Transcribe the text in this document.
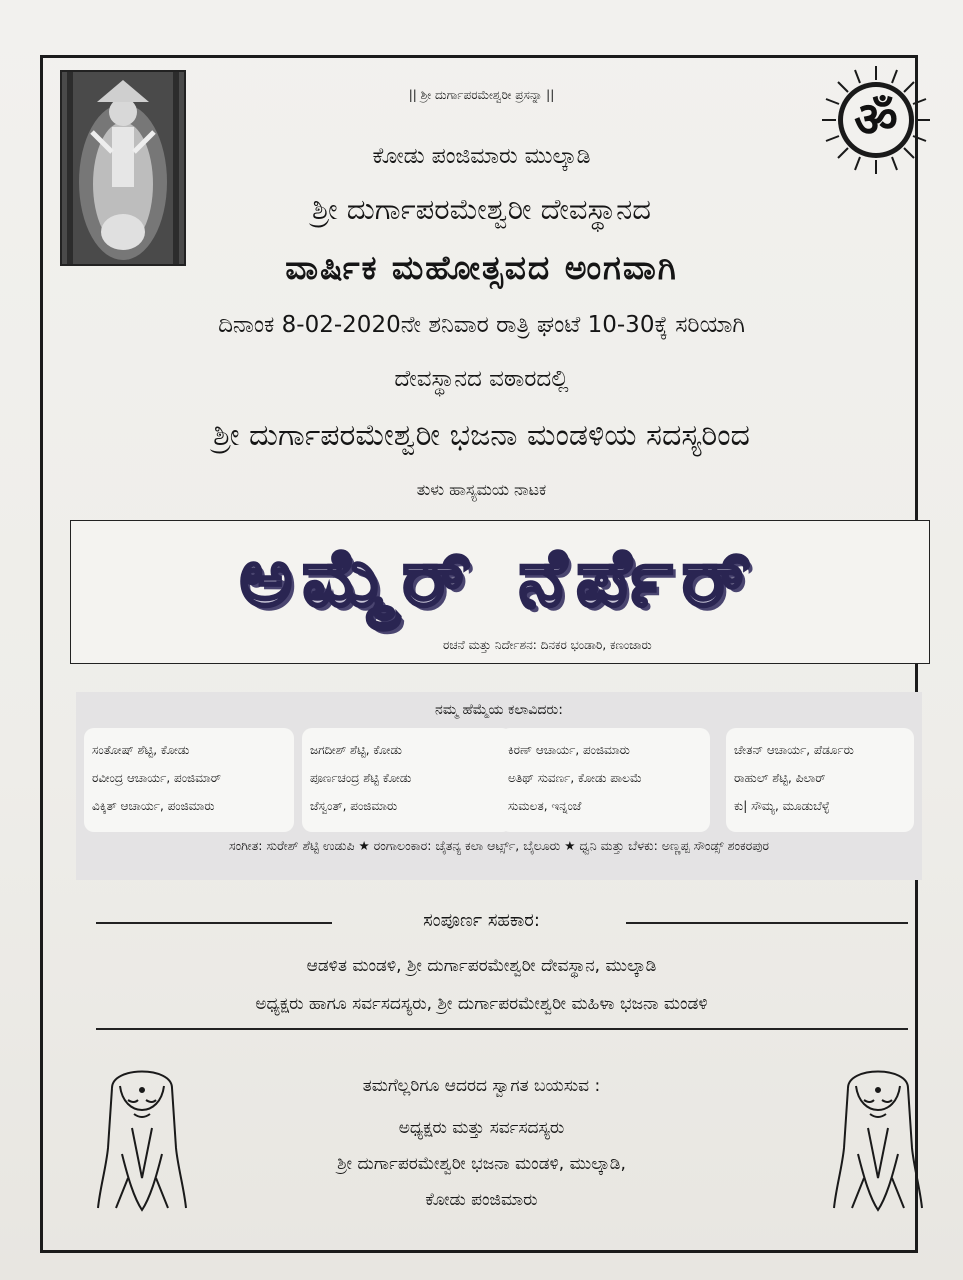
ॐ
|| ಶ್ರೀ ದುರ್ಗಾಪರಮೇಶ್ವರೀ ಪ್ರಸನ್ನಾ ||
ಕೋಡು ಪಂಜಿಮಾರು ಮುಲ್ಕಾಡಿ
ಶ್ರೀ ದುರ್ಗಾಪರಮೇಶ್ವರೀ ದೇವಸ್ಥಾನದ
ವಾರ್ಷಿಕ ಮಹೋತ್ಸವದ ಅಂಗವಾಗಿ
ದಿನಾಂಕ 8-02-2020ನೇ ಶನಿವಾರ ರಾತ್ರಿ ಘಂಟೆ 10-30ಕ್ಕೆ ಸರಿಯಾಗಿ
ದೇವಸ್ಥಾನದ ವಠಾರದಲ್ಲಿ
ಶ್ರೀ ದುರ್ಗಾಪರಮೇಶ್ವರೀ ಭಜನಾ ಮಂಡಳಿಯ ಸದಸ್ಯರಿಂದ
ತುಳು ಹಾಸ್ಯಮಯ ನಾಟಕ
ಅಮ್ಮೆರ್ ನೆರ್ಪೆರ್
ರಚನೆ ಮತ್ತು ನಿರ್ದೇಶನ: ದಿನಕರ ಭಂಡಾರಿ, ಕಣಂಜಾರು
ನಮ್ಮ ಹೆಮ್ಮೆಯ ಕಲಾವಿದರು:
ಸಂತೋಷ್ ಶೆಟ್ಟಿ, ಕೋಡು
ರವೀಂದ್ರ ಆಚಾರ್ಯ, ಪಂಜಿಮಾರ್
ವಿಕ್ಕಿತ್ ಆಚಾರ್ಯ, ಪಂಜಿಮಾರು
ಜಗದೀಶ್ ಶೆಟ್ಟಿ, ಕೋಡು
ಪೂರ್ಣಚಂದ್ರ ಶೆಟ್ಟಿ ಕೋಡು
ಜೆಸ್ವಂತ್, ಪಂಜಿಮಾರು
ಕಿರಣ್ ಆಚಾರ್ಯ, ಪಂಜಿಮಾರು
ಅತಿಥ್ ಸುವರ್ಣ, ಕೋಡು ಪಾಲಮೆ
ಸುಮಲತ, ಇನ್ನಂಜೆ
ಚೇತನ್ ಆಚಾರ್ಯ, ಪೆರ್ಡೂರು
ರಾಹುಲ್ ಶೆಟ್ಟಿ, ಪಿಲಾರ್
ಕು| ಸೌಮ್ಯ, ಮೂಡುಬೆಳ್ಳೆ
ಸಂಗೀತ: ಸುರೇಶ್ ಶೆಟ್ಟಿ ಉಡುಪಿ ★ ರಂಗಾಲಂಕಾರ: ಚೈತನ್ಯ ಕಲಾ ಆರ್ಟ್ಸ್, ಬೈಲೂರು ★ ಧ್ವನಿ ಮತ್ತು ಬೆಳಕು: ಅಣ್ಣಪ್ಪ ಸೌಂಡ್ಸ್ ಶಂಕರಪುರ
ಸಂಪೂರ್ಣ ಸಹಕಾರ:
ಆಡಳಿತ ಮಂಡಳಿ, ಶ್ರೀ ದುರ್ಗಾಪರಮೇಶ್ವರೀ ದೇವಸ್ಥಾನ, ಮುಲ್ಕಾಡಿ
ಅಧ್ಯಕ್ಷರು ಹಾಗೂ ಸರ್ವಸದಸ್ಯರು, ಶ್ರೀ ದುರ್ಗಾಪರಮೇಶ್ವರೀ ಮಹಿಳಾ ಭಜನಾ ಮಂಡಳಿ
ತಮಗೆಲ್ಲರಿಗೂ ಆದರದ ಸ್ವಾಗತ ಬಯಸುವ :
ಅಧ್ಯಕ್ಷರು ಮತ್ತು ಸರ್ವಸದಸ್ಯರು
ಶ್ರೀ ದುರ್ಗಾಪರಮೇಶ್ವರೀ ಭಜನಾ ಮಂಡಳಿ, ಮುಲ್ಕಾಡಿ,
ಕೋಡು ಪಂಜಿಮಾರು
